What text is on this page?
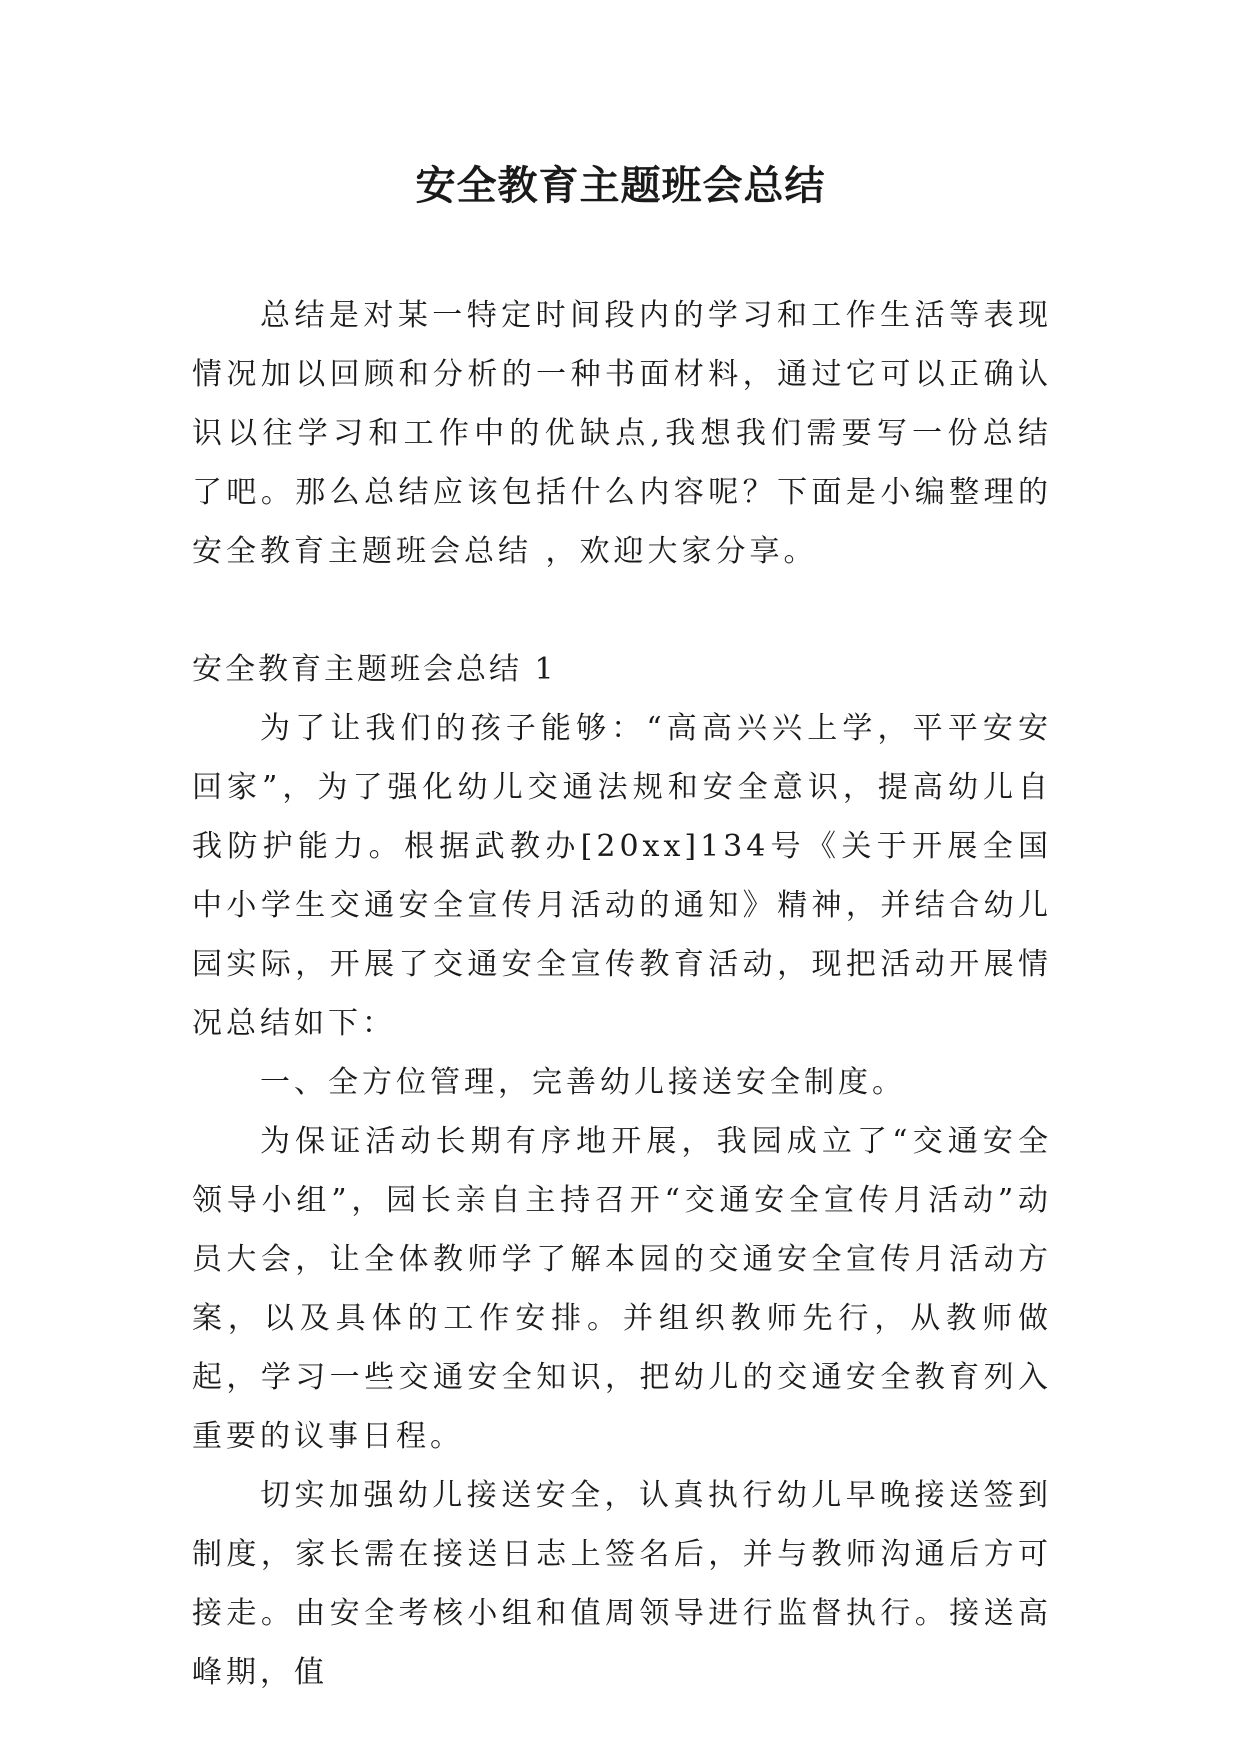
安全教育主题班会总结

总结是对某一特定时间段内的学习和工作生活等表现情况加以回顾和分析的一种书面材料，通过它可以正确认识以往学习和工作中的优缺点,我想我们需要写一份总结了吧。那么总结应该包括什么内容呢？下面是小编整理的安全教育主题班会总结 ，欢迎大家分享。

安全教育主题班会总结 1

为了让我们的孩子能够：“高高兴兴上学，平平安安回家”，为了强化幼儿交通法规和安全意识，提高幼儿自我防护能力。根据武教办[20xx]134号《关于开展全国中小学生交通安全宣传月活动的通知》精神，并结合幼儿园实际，开展了交通安全宣传教育活动，现把活动开展情况总结如下：

一、全方位管理，完善幼儿接送安全制度。

为保证活动长期有序地开展，我园成立了“交通安全领导小组”，园长亲自主持召开“交通安全宣传月活动”动员大会，让全体教师学了解本园的交通安全宣传月活动方案，以及具体的工作安排。并组织教师先行，从教师做起，学习一些交通安全知识，把幼儿的交通安全教育列入重要的议事日程。

切实加强幼儿接送安全，认真执行幼儿早晚接送签到制度，家长需在接送日志上签名后，并与教师沟通后方可接走。由安全考核小组和值周领导进行监督执行。接送高峰期，值
